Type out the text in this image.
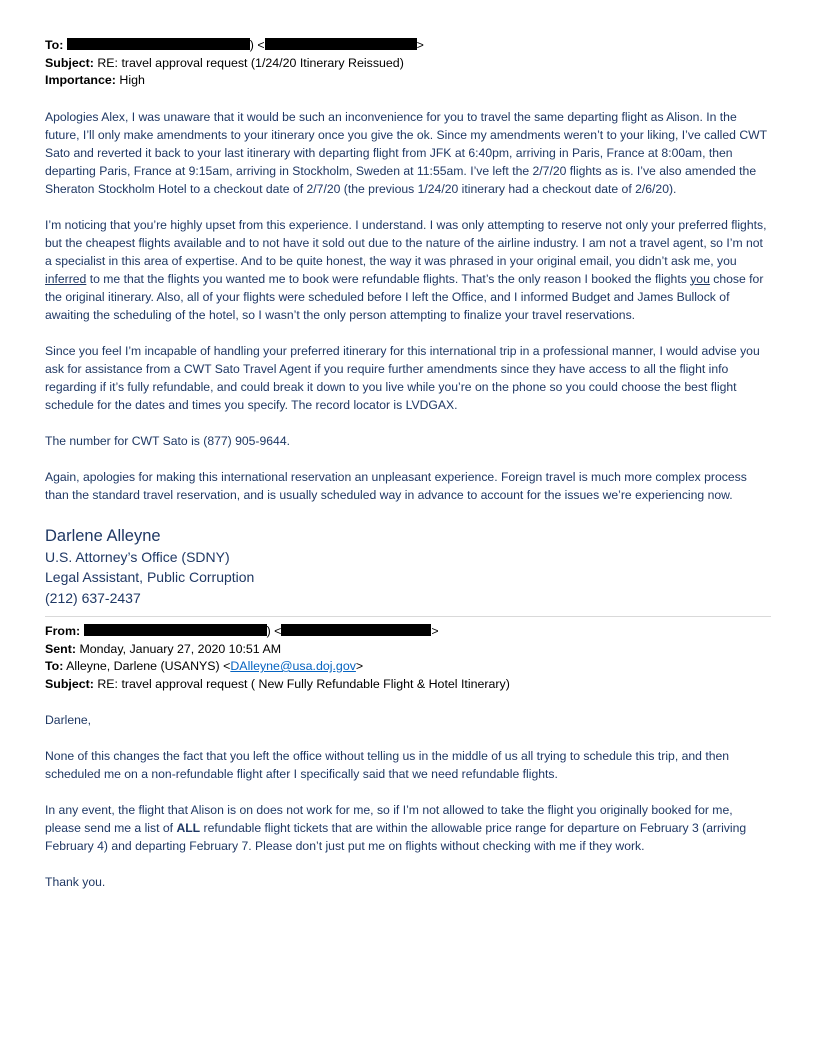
To:	) <	>
Subject: RE: travel approval request (1/24/20 Itinerary Reissued)
Importance: High

Apologies Alex, I was unaware that it would be such an inconvenience for you to travel the same departing flight as Alison. In the future, I’ll only make amendments to your itinerary once you give the ok. Since my amendments weren’t to your liking, I’ve called CWT Sato and reverted it back to your last itinerary with departing flight from JFK at 6:40pm, arriving in Paris, France at 8:00am, then departing Paris, France at 9:15am, arriving in Stockholm, Sweden at 11:55am. I’ve left the 2/7/20 flights as is. I’ve also amended the Sheraton Stockholm Hotel to a checkout date of 2/7/20 (the previous 1/24/20 itinerary had a checkout date of 2/6/20).

I’m noticing that you’re highly upset from this experience. I understand. I was only attempting to reserve not only your preferred flights, but the cheapest flights available and to not have it sold out due to the nature of the airline industry. I am not a travel agent, so I’m not a specialist in this area of expertise. And to be quite honest, the way it was phrased in your original email, you didn’t ask me, you inferred to me that the flights you wanted me to book were refundable flights. That’s the only reason I booked the flights you chose for the original itinerary. Also, all of your flights were scheduled before I left the Office, and I informed Budget and James Bullock of awaiting the scheduling of the hotel, so I wasn’t the only person attempting to finalize your travel reservations.

Since you feel I’m incapable of handling your preferred itinerary for this international trip in a professional manner, I would advise you ask for assistance from a CWT Sato Travel Agent if you require further amendments since they have access to all the flight info regarding if it’s fully refundable, and could break it down to you live while you’re on the phone so you could choose the best flight schedule for the dates and times you specify. The record locator is LVDGAX.

The number for CWT Sato is (877) 905-9644.

Again, apologies for making this international reservation an unpleasant experience. Foreign travel is much more complex process than the standard travel reservation, and is usually scheduled way in advance to account for the issues we’re experiencing now.

Darlene Alleyne
U.S. Attorney’s Office (SDNY)
Legal Assistant, Public Corruption
(212) 637-2437
From:	) <	>
Sent: Monday, January 27, 2020 10:51 AM
To: Alleyne, Darlene (USANYS) <DAlleyne@usa.doj.gov>
Subject: RE: travel approval request ( New Fully Refundable Flight & Hotel Itinerary)

Darlene,

None of this changes the fact that you left the office without telling us in the middle of us all trying to schedule this trip, and then scheduled me on a non-refundable flight after I specifically said that we need refundable flights.

In any event, the flight that Alison is on does not work for me, so if I’m not allowed to take the flight you originally booked for me, please send me a list of ALL refundable flight tickets that are within the allowable price range for departure on February 3 (arriving February 4) and departing February 7. Please don’t just put me on flights without checking with me if they work.

Thank you.
